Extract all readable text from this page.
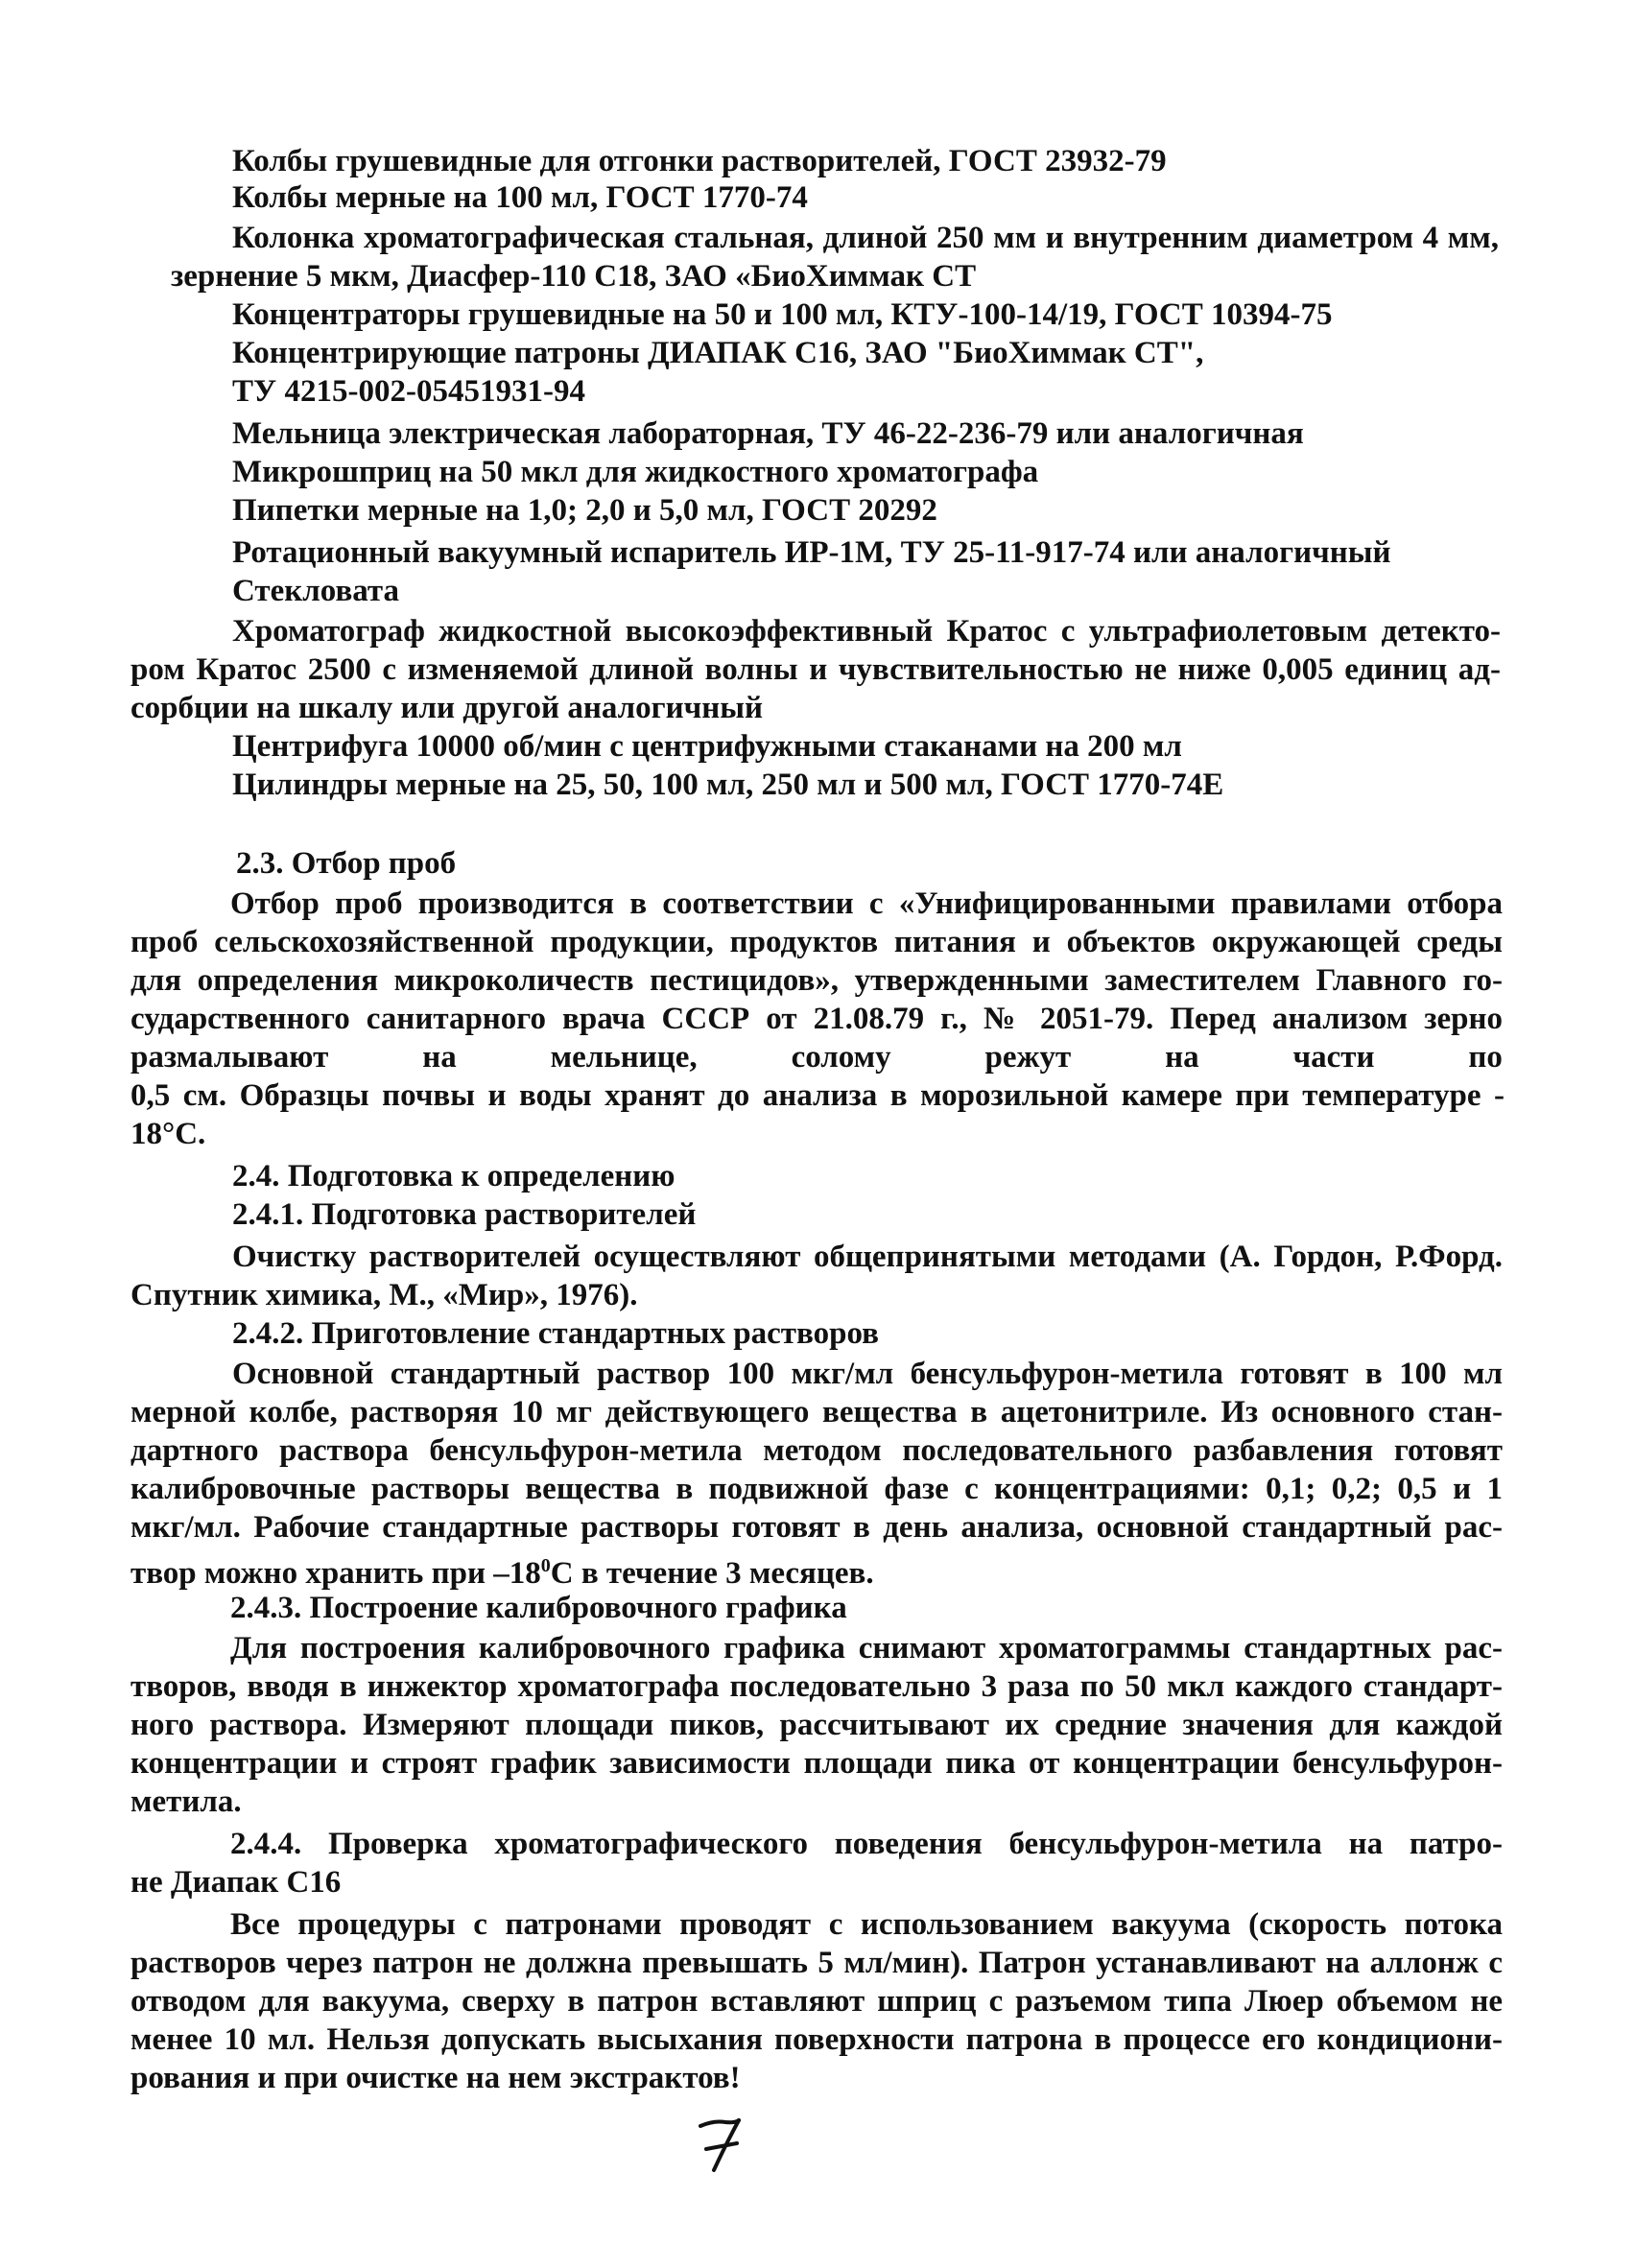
Колбы грушевидные для отгонки растворителей, ГОСТ 23932-79

Колбы мерные на 100 мл, ГОСТ 1770-74

Колонка хроматографическая стальная, длиной 250 мм и внутренним диаметром 4 мм,

зернение 5 мкм, Диасфер-110 С18, ЗАО «БиоХиммак СТ

Концентраторы грушевидные на 50 и 100 мл, КТУ-100-14/19, ГОСТ 10394-75

Концентрирующие патроны ДИАПАК С16, ЗАО "БиоХиммак СТ",

ТУ 4215-002-05451931-94

Мельница электрическая лабораторная, ТУ 46-22-236-79 или аналогичная

Микрошприц на 50 мкл для жидкостного хроматографа

Пипетки мерные на 1,0; 2,0 и 5,0 мл, ГОСТ 20292

Ротационный вакуумный испаритель ИР-1М, ТУ 25-11-917-74 или аналогичный

Стекловата

Хроматограф жидкостной высокоэффективный Кратос с ультрафиолетовым детекто-

ром Кратос 2500 с изменяемой длиной волны и чувствительностью не ниже 0,005 единиц ад-

сорбции на шкалу или другой аналогичный

Центрифуга 10000 об/мин с центрифужными стаканами на 200 мл

Цилиндры мерные на 25, 50, 100 мл, 250 мл и 500 мл, ГОСТ 1770-74Е

2.3. Отбор проб

Отбор проб производится в соответствии с «Унифицированными правилами отбора

проб сельскохозяйственной продукции, продуктов питания и объектов окружающей среды

для определения микроколичеств пестицидов», утвержденными заместителем Главного го-

сударственного санитарного врача СССР от 21.08.79 г., № 2051-79. Перед анализом зерно

размалывают	на	мельнице,	солому	режут	на	части	по

0,5 см. Образцы почвы и воды хранят до анализа в морозильной камере при температуре -

18°С.

2.4. Подготовка к определению

2.4.1. Подготовка растворителей

Очистку растворителей осуществляют общепринятыми методами (А. Гордон, Р.Форд.

Спутник химика, М., «Мир», 1976).

2.4.2. Приготовление стандартных растворов

Основной стандартный раствор 100 мкг/мл бенсульфурон-метила готовят в 100 мл

мерной колбе, растворяя 10 мг действующего вещества в ацетонитриле. Из основного стан-

дартного раствора бенсульфурон-метила методом последовательного разбавления готовят

калибровочные растворы вещества в подвижной фазе с концентрациями: 0,1; 0,2; 0,5 и 1

мкг/мл. Рабочие стандартные растворы готовят в день анализа, основной стандартный рас-

твор можно хранить при $-18^0С$ в течение 3 месяцев.

2.4.3. Построение калибровочного графика

Для построения калибровочного графика снимают хроматограммы стандартных рас-

творов, вводя в инжектор хроматографа последовательно 3 раза по 50 мкл каждого стандарт-

ного раствора. Измеряют площади пиков, рассчитывают их средние значения для каждой

концентрации и строят график зависимости площади пика от концентрации бенсульфурон-

метила.

2.4.4. Проверка хроматографического поведения бенсульфурон-метила на патро-

не Диапак С16

Все процедуры с патронами проводят с использованием вакуума (скорость потока

растворов через патрон не должна превышать 5 мл/мин). Патрон устанавливают на аллонж с

отводом для вакуума, сверху в патрон вставляют шприц с разъемом типа Люер объемом не

менее 10 мл. Нельзя допускать высыхания поверхности патрона в процессе его кондициони-

рования и при очистке на нем экстрактов!
